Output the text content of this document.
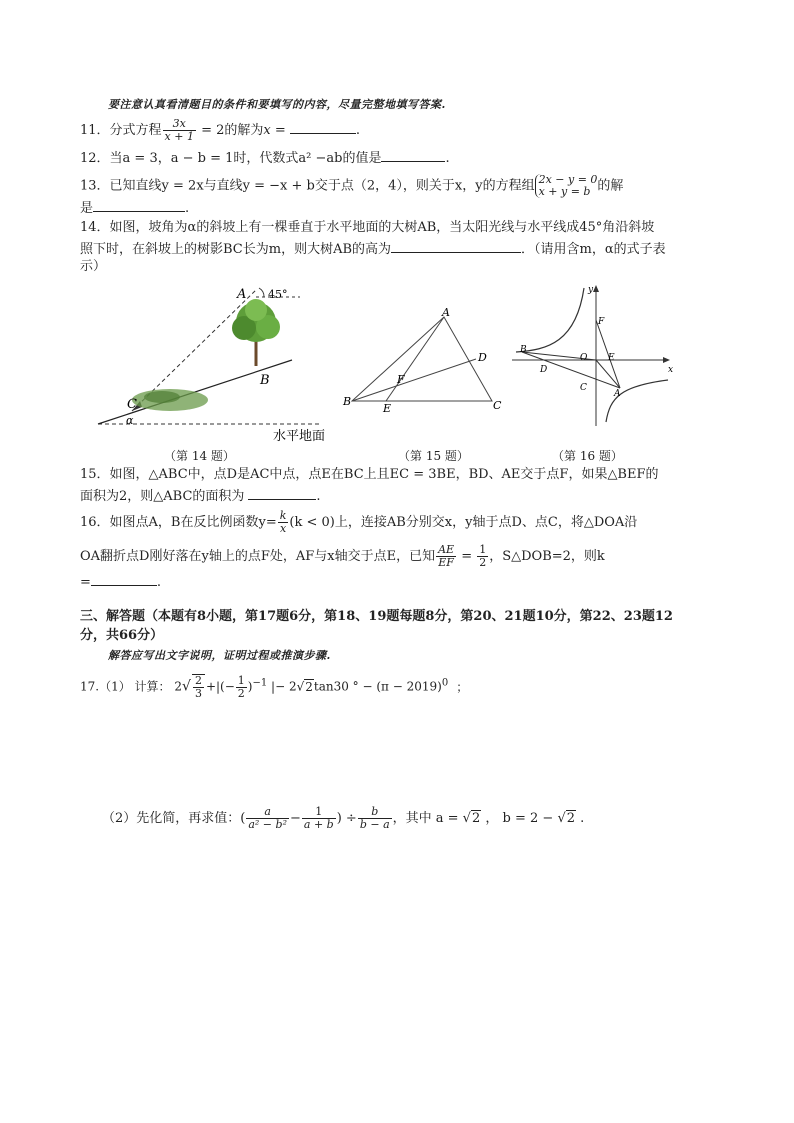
要注意认真看清题目的条件和要填写的内容，尽量完整地填写答案.
11．分式方程 $\frac{3x}{x + 1} = 2$的解为x =	.
12．当a = 3，a − b = 1时，代数式a² −ab的值是	.
13．已知直线y = 2x与直线y = −x + b交于点（2，4），则关于x，y的方程组 2x − y = 0
x + y = b 的解
是	.
14．如图，坡角为α的斜坡上有一棵垂直于水平地面的大树AB，当太阳光线与水平线成45°角沿斜坡
照下时，在斜坡上的树影BC长为m，则大树AB的高为	．（请用含m，α的式子表
示）
A 45°
B
C
α
水平地面
A
B	C
D
E
F
y
x
F
B
O E
D
C
A
（第 14 题）	（第 15 题）	（第 16 题）
15．如图，△ABC中，点D是AC中点，点E在BC上且EC = 3BE，BD、AE交于点F，如果△BEF的
面积为2，则△ABC的面积为	.
16．如图点A，B在反比例函数$y= \frac{k}{x} (k < 0)$上，连接AB分别交x，y轴于点D、点C，将△DOA沿
OA翻折点D刚好落在y轴上的点F处，AF与x轴交于点E，已知 $\frac{AE}{EF} = \frac{1}{2}$ ，S△DOB=2，则k
=	.
三、解答题（本题有8小题，第17题6分，第18、19题每题8分，第20、21题10分，第22、23题12
分，共66分）
解答应写出文字说明，证明过程或推演步骤.
17.（1） 计算： $2√ \frac{2}{3}$ +|(− $\frac{1}{2} )^{-1}$ |− 2√2tan30 ° − $(\pi - 2019)^0$ ；
（2）先化简，再求值：( $\frac{a}{\text{a² − b²}} - \frac{1}{a + b}$ ) ÷ $\frac{b}{b - a}$ ，其中 a = √2 ， b = 2 − √2 .
